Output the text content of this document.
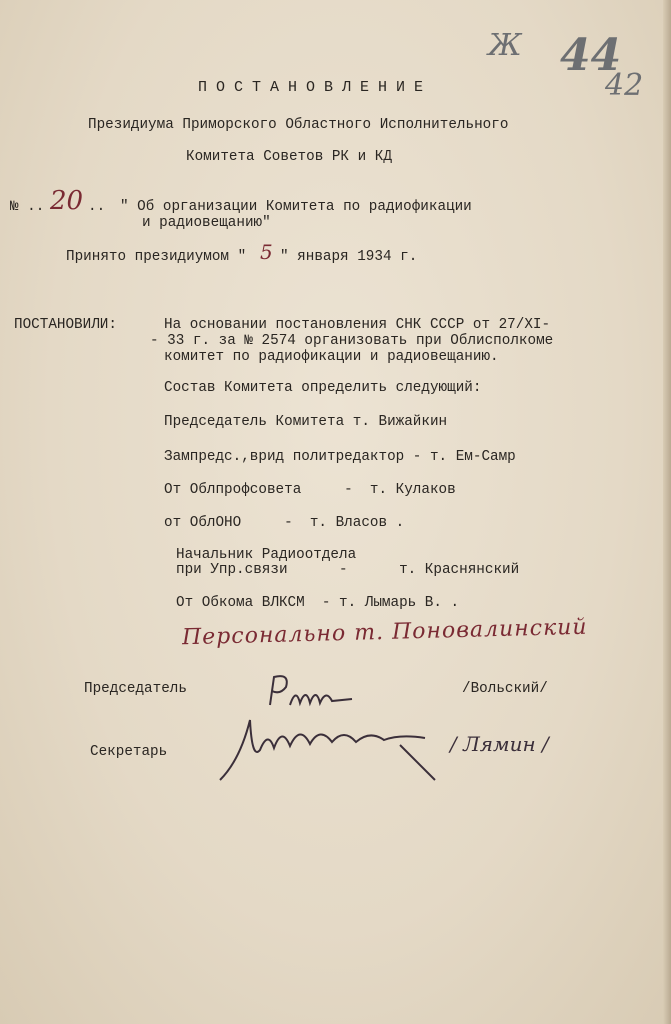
Ж 44
42
П О С Т А Н О В Л Е Н И Е
Президиума Приморского Областного Исполнительного
Комитета Советов РК и КД
№ .. 20 .. " Об организации Комитета по радиофикации
и радиовещанию"
Принято президиумом " 5 " января 1934 г.
ПОСТАНОВИЛИ:	На основании постановления СНК СССР от 27/XI-
- 33 г. за № 2574 организовать при Облисполкоме
комитет по радиофикации и радиовещанию.
Состав Комитета определить следующий:
Председатель Комитета т. Вижайкин
Зампредс.,врид политредактор - т. Ем-Самр
От Облпрофсовета     -  т. Кулаков
от ОблОНО     -  т. Власов .
Начальник Радиоотдела
при Упр.связи      -      т. Краснянский
От Обкома ВЛКСМ  - т. Лымарь В. .
Персонально т. Поновалинский
Председатель	/Вольский/
Секретарь	/ Лямин /
